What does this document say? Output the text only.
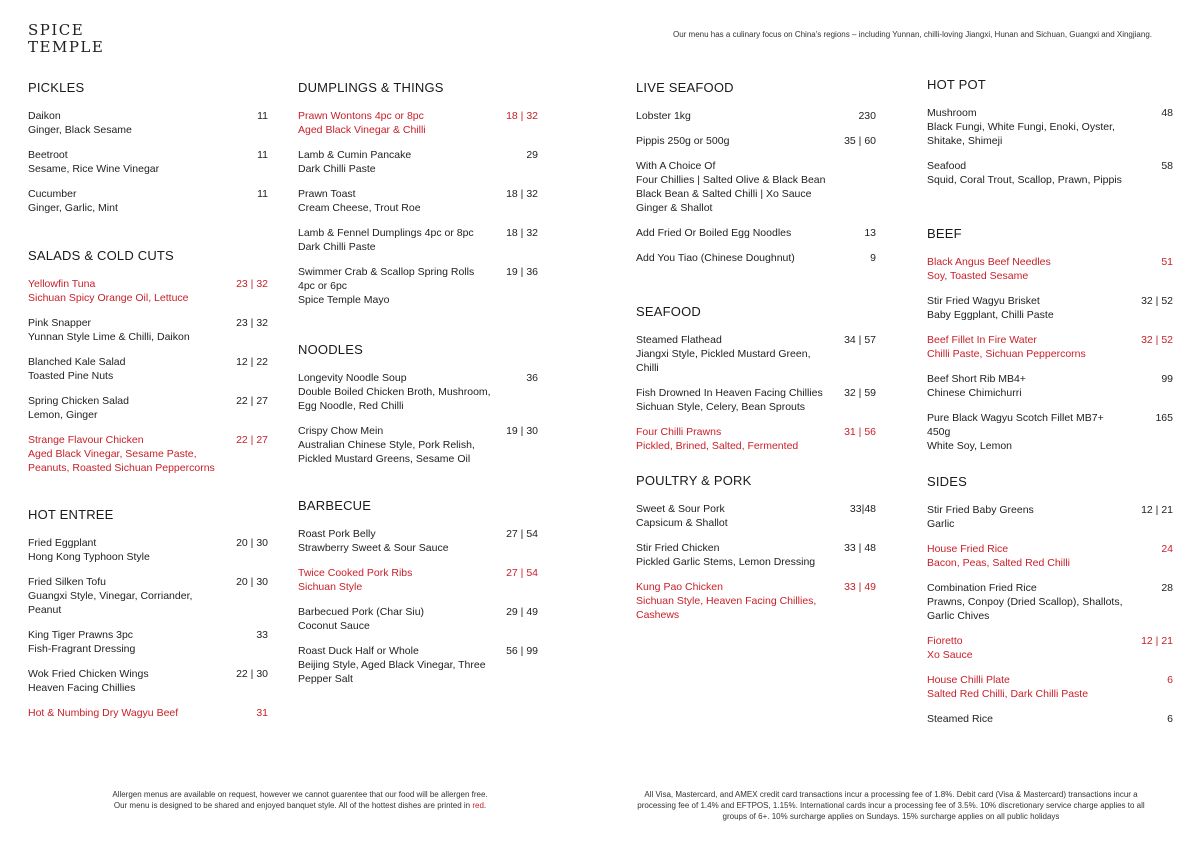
SPICE
TEMPLE
Our menu has a culinary focus on China's regions – including Yunnan, chilli-loving Jiangxi, Hunan and Sichuan, Guangxi and Xingjiang.
PICKLES
Daikon
Ginger, Black Sesame
11
Beetroot
Sesame, Rice Wine Vinegar
11
Cucumber
Ginger, Garlic, Mint
11
SALADS & COLD CUTS
Yellowfin Tuna
Sichuan Spicy Orange Oil, Lettuce
23 | 32
Pink Snapper
Yunnan Style Lime & Chilli, Daikon
23 | 32
Blanched Kale Salad
Toasted Pine Nuts
12 | 22
Spring Chicken Salad
Lemon, Ginger
22 | 27
Strange Flavour Chicken
Aged Black Vinegar, Sesame Paste, Peanuts, Roasted Sichuan Peppercorns
22 | 27
HOT ENTREE
Fried Eggplant
Hong Kong Typhoon Style
20 | 30
Fried Silken Tofu
Guangxi Style, Vinegar, Corriander, Peanut
20 | 30
King Tiger Prawns 3pc
Fish-Fragrant Dressing
33
Wok Fried Chicken Wings
Heaven Facing Chillies
22 | 30
Hot & Numbing Dry Wagyu Beef	31
DUMPLINGS & THINGS
Prawn Wontons 4pc or 8pc
Aged Black Vinegar & Chilli
18 | 32
Lamb & Cumin Pancake
Dark Chilli Paste
29
Prawn Toast
Cream Cheese, Trout Roe
18 | 32
Lamb & Fennel Dumplings 4pc or 8pc
Dark Chilli Paste
18 | 32
Swimmer Crab & Scallop Spring Rolls 4pc or 6pc
Spice Temple Mayo
19 | 36
NOODLES
Longevity Noodle Soup
Double Boiled Chicken Broth, Mushroom, Egg Noodle, Red Chilli
36
Crispy Chow Mein
Australian Chinese Style, Pork Relish, Pickled Mustard Greens, Sesame Oil
19 | 30
BARBECUE
Roast Pork Belly
Strawberry Sweet & Sour Sauce
27 | 54
Twice Cooked Pork Ribs
Sichuan Style
27 | 54
Barbecued Pork (Char Siu)
Coconut Sauce
29 | 49
Roast Duck Half or Whole
Beijing Style, Aged Black Vinegar, Three Pepper Salt
56 | 99
LIVE SEAFOOD
Lobster 1kg	230
Pippis 250g or 500g	35 | 60
With A Choice Of
Four Chillies | Salted Olive & Black Bean Black Bean & Salted Chilli | Xo Sauce Ginger & Shallot
Add Fried Or Boiled Egg Noodles	13
Add You Tiao (Chinese Doughnut)	9
SEAFOOD
Steamed Flathead
Jiangxi Style, Pickled Mustard Green, Chilli
34 | 57
Fish Drowned In Heaven Facing Chillies
Sichuan Style, Celery, Bean Sprouts
32 | 59
Four Chilli Prawns
Pickled, Brined, Salted, Fermented
31 | 56
POULTRY & PORK
Sweet & Sour Pork
Capsicum & Shallot
33|48
Stir Fried Chicken
Pickled Garlic Stems, Lemon Dressing
33 | 48
Kung Pao Chicken
Sichuan Style, Heaven Facing Chillies, Cashews
33 | 49
HOT POT
Mushroom
Black Fungi, White Fungi, Enoki, Oyster, Shitake, Shimeji
48
Seafood
Squid, Coral Trout, Scallop, Prawn, Pippis
58
BEEF
Black Angus Beef Needles
Soy, Toasted Sesame
51
Stir Fried Wagyu Brisket
Baby Eggplant, Chilli Paste
32 | 52
Beef Fillet In Fire Water
Chilli Paste, Sichuan Peppercorns
32 | 52
Beef Short Rib MB4+
Chinese Chimichurri
99
Pure Black Wagyu Scotch Fillet MB7+ 450g
White Soy, Lemon
165
SIDES
Stir Fried Baby Greens
Garlic
12 | 21
House Fried Rice
Bacon, Peas, Salted Red Chilli
24
Combination Fried Rice
Prawns, Conpoy (Dried Scallop), Shallots, Garlic Chives
28
Fioretto
Xo Sauce
12 | 21
House Chilli Plate
Salted Red Chilli, Dark Chilli Paste
6
Steamed Rice	6
Allergen menus are available on request, however we cannot guarentee that our food will be allergen free.
Our menu is designed to be shared and enjoyed banquet style. All of the hottest dishes are printed in red.
All Visa, Mastercard, and AMEX credit card transactions incur a processing fee of 1.8%. Debit card (Visa & Mastercard) transactions incur a processing fee of 1.4% and EFTPOS, 1.15%. International cards incur a processing fee of 3.5%. 10% discretionary service charge applies to all groups of 6+. 10% surcharge applies on Sundays. 15% surcharge applies on all public holidays
